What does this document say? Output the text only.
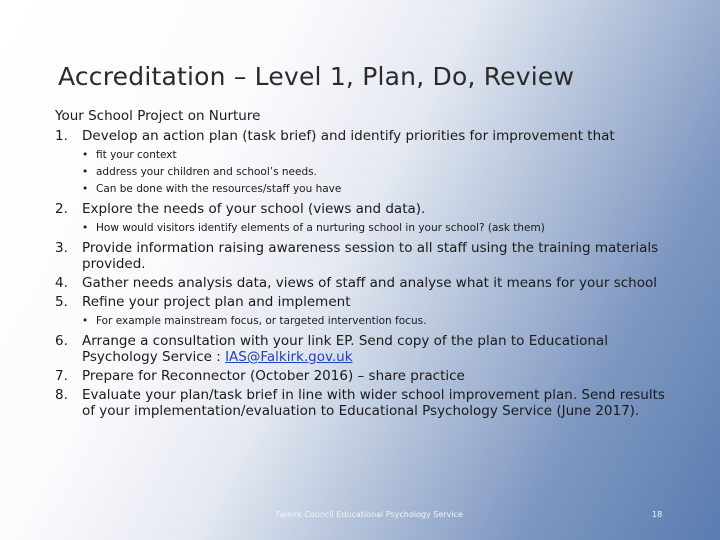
Accreditation – Level 1, Plan, Do, Review
Your School Project on Nurture
1. Develop an action plan (task brief) and identify priorities for improvement that
• fit your context
• address your children and school’s needs.
• Can be done with the resources/staff you have
2. Explore the needs of your school (views and data).
• How would visitors identify elements of a nurturing school in your school? (ask them)
3. Provide information raising awareness session to all staff using the training materials provided.
4. Gather needs analysis data, views of staff and analyse what it means for your school
5. Refine your project plan and implement
• For example mainstream focus, or targeted intervention focus.
6. Arrange a consultation with your link EP. Send copy of the plan to Educational Psychology Service : IAS@Falkirk.gov.uk
7. Prepare for Reconnector (October 2016) – share practice
8. Evaluate your plan/task brief in line with wider school improvement plan. Send results of your implementation/evaluation to Educational Psychology Service (June 2017).
01-Dec-20	Falkirk Council Educational Psychology Service	18
